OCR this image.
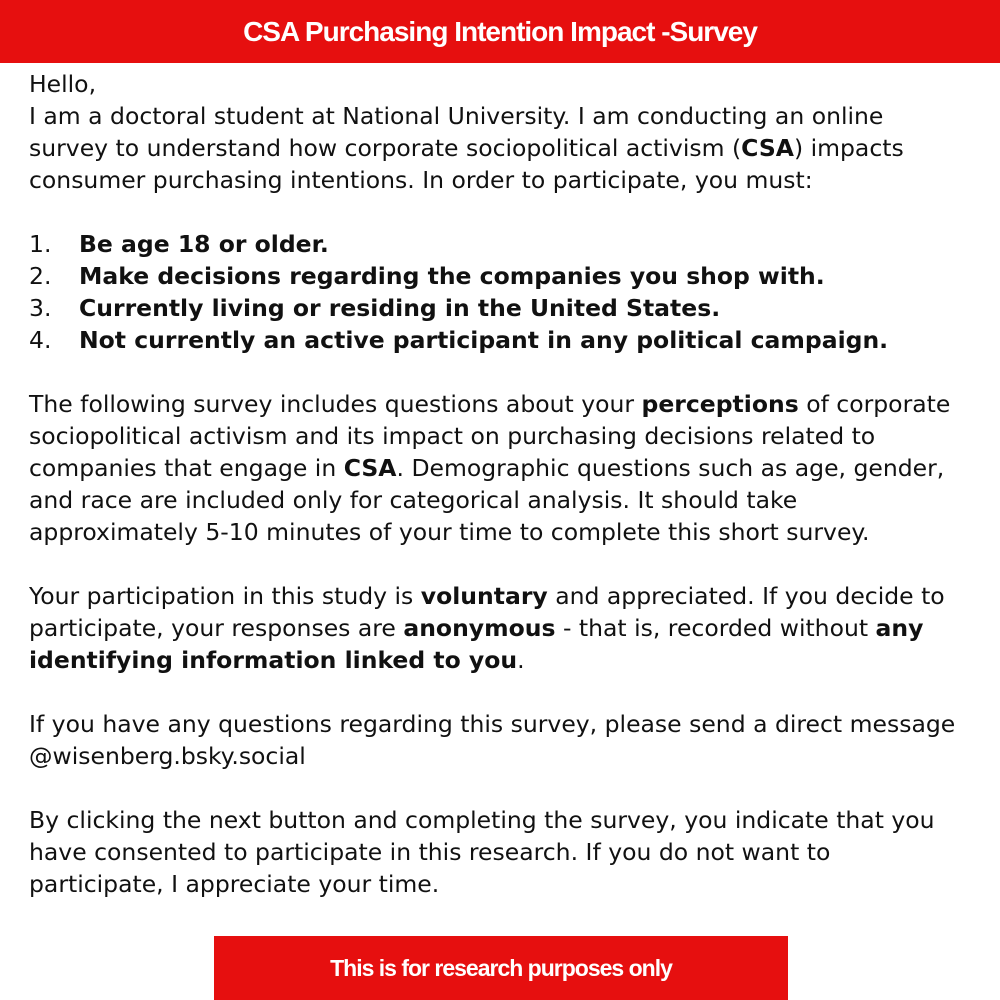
CSA Purchasing Intention Impact -Survey

Hello,

I am a doctoral student at National University. I am conducting an online survey to understand how corporate sociopolitical activism (CSA) impacts consumer purchasing intentions. In order to participate, you must:

1.	Be age 18 or older.
2.	Make decisions regarding the companies you shop with.
3.	Currently living or residing in the United States.
4.	Not currently an active participant in any political campaign.

The following survey includes questions about your perceptions of corporate sociopolitical activism and its impact on purchasing decisions related to companies that engage in CSA. Demographic questions such as age, gender, and race are included only for categorical analysis. It should take approximately 5-10 minutes of your time to complete this short survey.

Your participation in this study is voluntary and appreciated. If you decide to participate, your responses are anonymous - that is, recorded without any identifying information linked to you.

If you have any questions regarding this survey, please send a direct message
@wisenberg.bsky.social

By clicking the next button and completing the survey, you indicate that you have consented to participate in this research. If you do not want to participate, I appreciate your time.

This is for research purposes only
